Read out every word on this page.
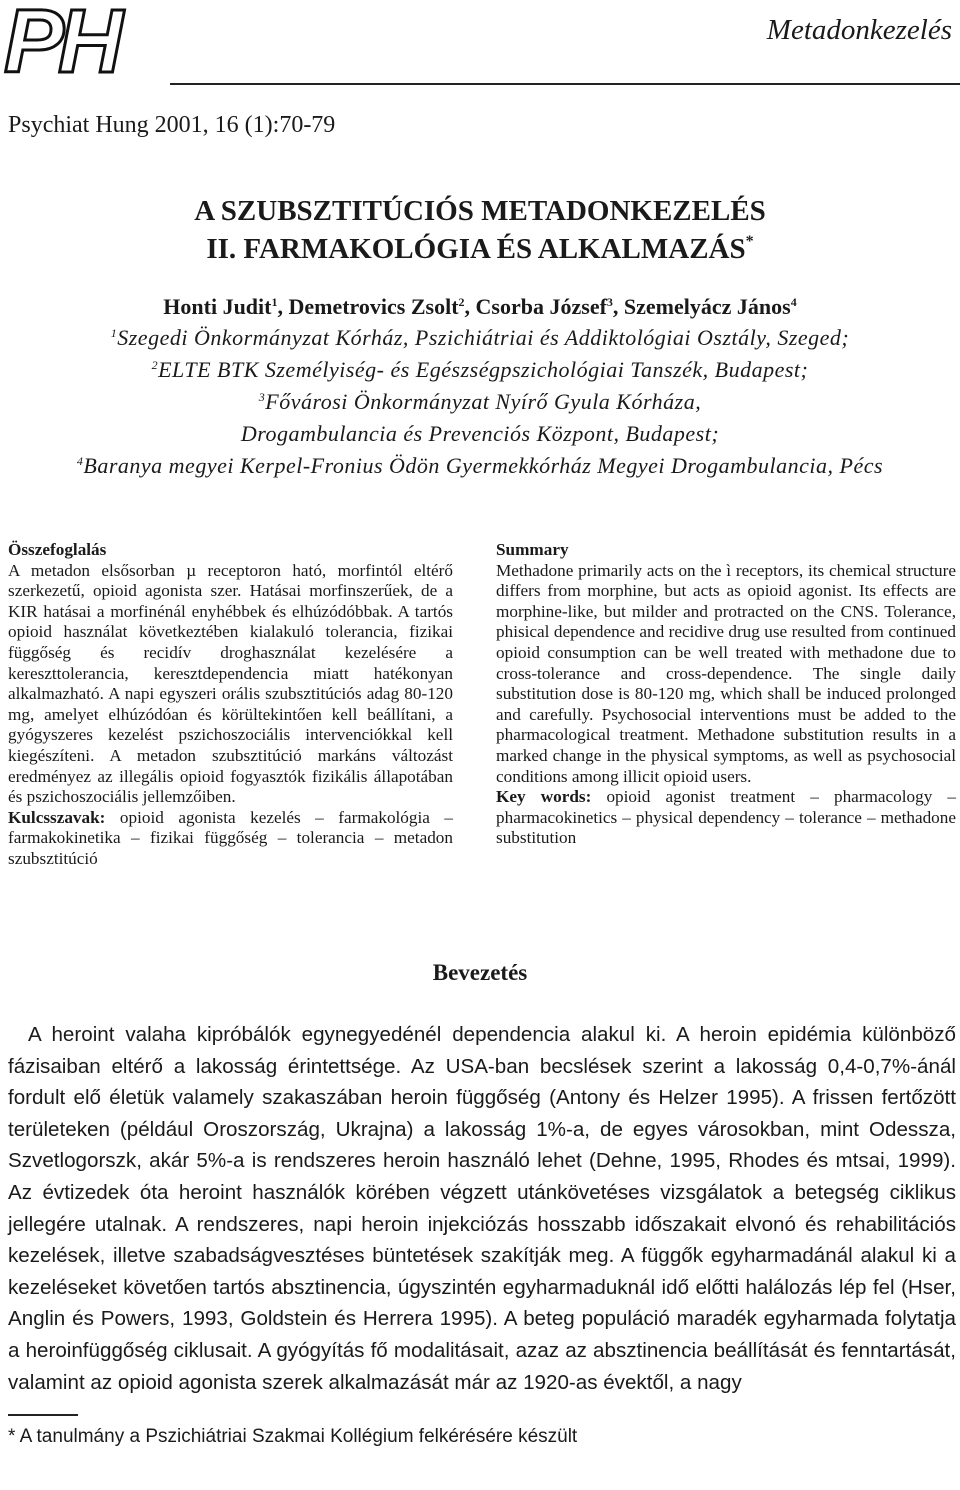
PH	Metadonkezelés
Psychiat Hung 2001, 16 (1):70-79
A SZUBSZTITÚCIÓS METADONKEZELÉS
II. FARMAKOLÓGIA ÉS ALKALMAZÁS*
Honti Judit$^1$, Demetrovics Zsolt$^2$, Csorba József$^3$, Szemelyácz János$^4$
$^1$Szegedi Önkormányzat Kórház, Pszichiátriai és Addiktológiai Osztály, Szeged;
$^2$ELTE BTK Személyiség- és Egészségpszichológiai Tanszék, Budapest;
$^3$Fővárosi Önkormányzat Nyírő Gyula Kórháza,
Drogambulancia és Prevenciós Központ, Budapest;
$^4$Baranya megyei Kerpel-Fronius Ödön Gyermekkórház Megyei Drogambulancia, Pécs
Összefoglalás

A metadon elsősorban µ receptoron ható, morfintól eltérő szerkezetű, opioid agonista szer. Hatásai morfinszerűek, de a KIR hatásai a morfinénál enyhébbek és elhúzódóbbak. A tartós opioid használat következtében kialakuló tolerancia, fizikai függőség és recidív droghasználat kezelésére a kereszttolerancia, keresztdependencia miatt hatékonyan alkalmazható. A napi egyszeri orális szubsztitúciós adag 80-120 mg, amelyet elhúzódóan és körültekintően kell beállítani, a gyógyszeres kezelést pszichoszociális intervenciókkal kell kiegészíteni. A metadon szubsztitúció markáns változást eredményez az illegális opioid fogyasztók fizikális állapotában és pszichoszociális jellemzőiben.

Kulcsszavak: opioid agonista kezelés – farmakológia – farmakokinetika – fizikai függőség – tolerancia – metadon szubsztitúció

Summary

Methadone primarily acts on the ì receptors, its chemical structure differs from morphine, but acts as opioid agonist. Its effects are morphine-like, but milder and protracted on the CNS. Tolerance, phisical dependence and recidive drug use resulted from continued opioid consumption can be well treated with methadone due to cross-tolerance and cross-dependence. The single daily substitution dose is 80-120 mg, which shall be induced prolonged and carefully. Psychosocial interventions must be added to the pharmacological treatment. Methadone substitution results in a marked change in the physical symptoms, as well as psychosocial conditions among illicit opioid users.

Key words: opioid agonist treatment – pharmacology – pharmacokinetics – physical dependency – tolerance – methadone substitution

Bevezetés

A heroint valaha kipróbálók egynegyedénél dependencia alakul ki. A heroin epidémia különböző fázisaiban eltérő a lakosság érintettsége. Az USA-ban becslések szerint a lakosság 0,4-0,7%-ánál fordult elő életük valamely szakaszában heroin függőség (Antony és Helzer 1995). A frissen fertőzött területeken (például Oroszország, Ukrajna) a lakosság 1%-a, de egyes városokban, mint Odessza, Szvetlogorszk, akár 5%-a is rendszeres heroin használó lehet (Dehne, 1995, Rhodes és mtsai, 1999). Az évtizedek óta heroint használók körében végzett utánkövetéses vizsgálatok a betegség ciklikus jellegére utalnak. A rendszeres, napi heroin injekciózás hosszabb időszakait elvonó és rehabilitációs kezelések, illetve szabadságvesztéses büntetések szakítják meg. A függők egyharmadánál alakul ki a kezeléseket követően tartós absztinencia, úgyszintén egyharmaduknál idő előtti halálozás lép fel (Hser, Anglin és Powers, 1993, Goldstein és Herrera 1995). A beteg populáció maradék egyharmada folytatja a heroinfüggőség ciklusait. A gyógyítás fő modalitásait, azaz az absztinencia beállítását és fenntartását, valamint az opioid agonista szerek alkalmazását már az 1920-as évektől, a nagy

* A tanulmány a Pszichiátriai Szakmai Kollégium felkérésére készült
